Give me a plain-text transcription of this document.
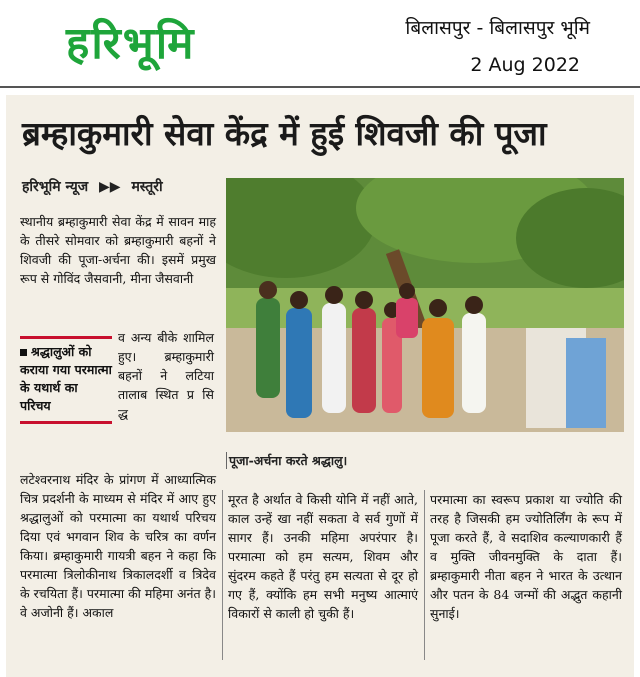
हरिभूमि	बिलासपुर - बिलासपुर भूमि
2 Aug 2022
ब्रम्हाकुमारी सेवा केंद्र में हुई शिवजी की पूजा
हरिभूमि न्यूज ▶▶ मस्तूरी
स्थानीय ब्रम्हाकुमारी सेवा केंद्र में सावन माह के तीसरे सोमवार को ब्रम्हाकुमारी बहनों ने शिवजी की पूजा-अर्चना की। इसमें प्रमुख रूप से गोविंद जैसवानी, मीना जैसवानी
श्रद्धालुओं को कराया गया परमात्मा के यथार्थ का परिचय
व अन्य बीके शामिल हुए। ब्रम्हाकुमारी बहनों ने लटिया तालाब स्थित प्र सि द्ध
पूजा-अर्चना करते श्रद्धालु।
लटेश्वरनाथ मंदिर के प्रांगण में आध्यात्मिक चित्र प्रदर्शनी के माध्यम से मंदिर में आए हुए श्रद्धालुओं को परमात्मा का यथार्थ परिचय दिया एवं भगवान शिव के चरित्र का वर्णन किया। ब्रम्हाकुमारी गायत्री बहन ने कहा कि परमात्मा त्रिलोकीनाथ त्रिकालदर्शी व त्रिदेव के रचयिता हैं। परमात्मा की महिमा अनंत है। वे अजोनी हैं। अकाल
मूरत है अर्थात वे किसी योनि में नहीं आते, काल उन्हें खा नहीं सकता वे सर्व गुणों में सागर हैं। उनकी महिमा अपरंपार है। परमात्मा को हम सत्यम, शिवम और सुंदरम कहते हैं परंतु हम सत्यता से दूर हो गए हैं, क्योंकि हम सभी मनुष्य आत्माएं विकारों से काली हो चुकी हैं।
परमात्मा का स्वरूप प्रकाश या ज्योति की तरह है जिसकी हम ज्योतिर्लिंग के रूप में पूजा करते हैं, वे सदाशिव कल्याणकारी हैं व मुक्ति जीवनमुक्ति के दाता हैं। ब्रम्हाकुमारी नीता बहन ने भारत के उत्थान और पतन के 84 जन्मों की अद्भुत कहानी सुनाई।
